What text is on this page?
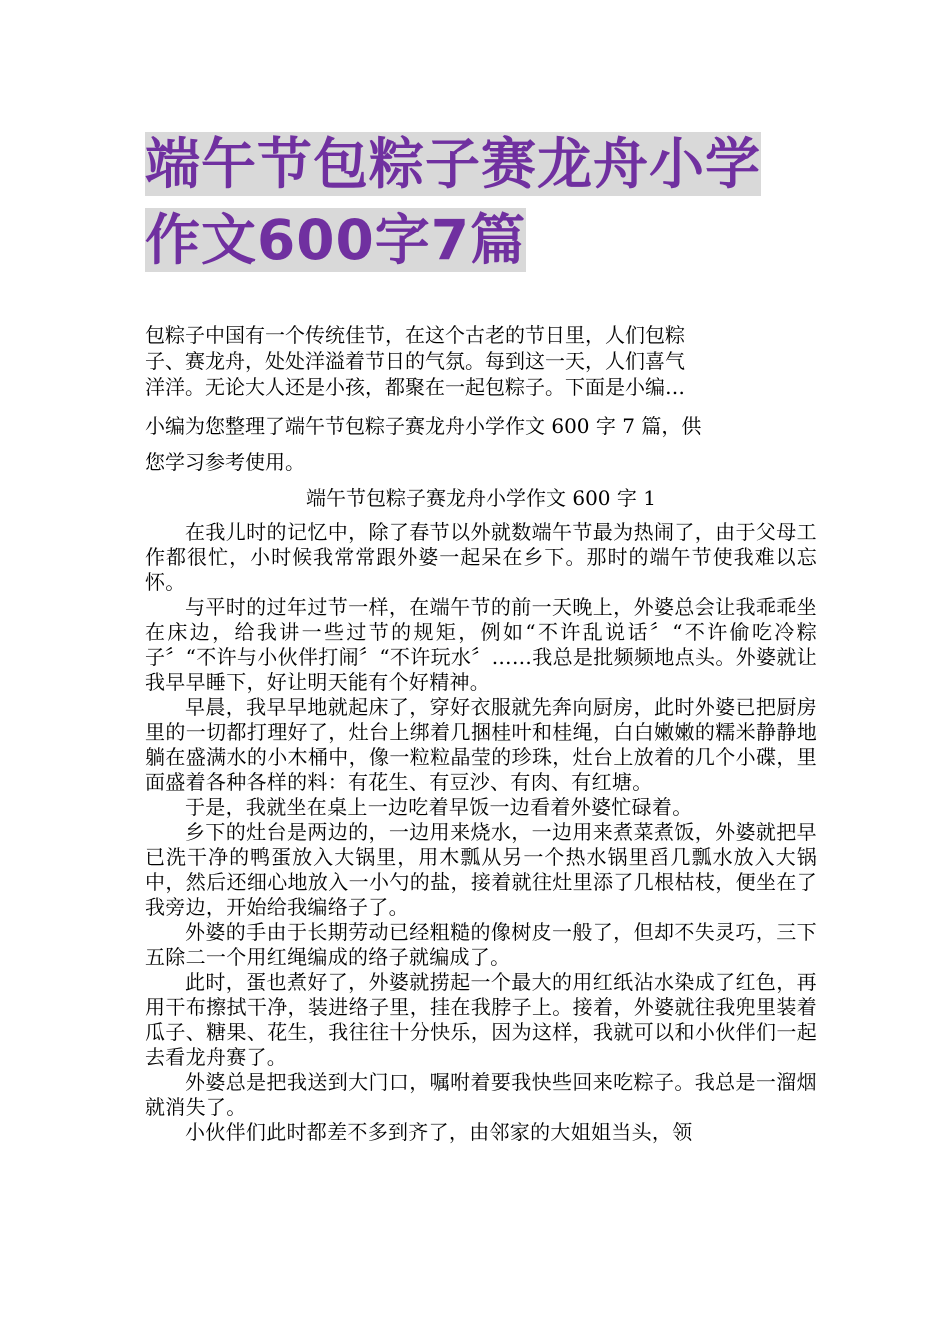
端午节包粽子赛龙舟小学
作文600字7篇

包粽子中国有一个传统佳节，在这个古老的节日里，人们包粽

子、赛龙舟，处处洋溢着节日的气氛。每到这一天，人们喜气

洋洋。无论大人还是小孩，都聚在一起包粽子。下面是小编…

小编为您整理了端午节包粽子赛龙舟小学作文 600 字 7 篇，供

您学习参考使用。

端午节包粽子赛龙舟小学作文 600 字 1

在我儿时的记忆中，除了春节以外就数端午节最为热闹了，由于父母工作都很忙，小时候我常常跟外婆一起呆在乡下。那时的端午节使我难以忘怀。

与平时的过年过节一样，在端午节的前一天晚上，外婆总会让我乖乖坐在床边，给我讲一些过节的规矩，例如“不许乱说话〞“不许偷吃冷粽子〞“不许与小伙伴打闹〞“不许玩水〞……我总是批频频地点头。外婆就让我早早睡下，好让明天能有个好精神。

早晨，我早早地就起床了，穿好衣服就先奔向厨房，此时外婆已把厨房里的一切都打理好了，灶台上绑着几捆桂叶和桂绳，白白嫩嫩的糯米静静地躺在盛满水的小木桶中，像一粒粒晶莹的珍珠，灶台上放着的几个小碟，里面盛着各种各样的料：有花生、有豆沙、有肉、有红塘。

于是，我就坐在桌上一边吃着早饭一边看着外婆忙碌着。

乡下的灶台是两边的，一边用来烧水，一边用来煮菜煮饭，外婆就把早已洗干净的鸭蛋放入大锅里，用木瓢从另一个热水锅里舀几瓢水放入大锅中，然后还细心地放入一小勺的盐，接着就往灶里添了几根枯枝，便坐在了我旁边，开始给我编络子了。

外婆的手由于长期劳动已经粗糙的像树皮一般了，但却不失灵巧，三下五除二一个用红绳编成的络子就编成了。

此时，蛋也煮好了，外婆就捞起一个最大的用红纸沾水染成了红色，再用干布擦拭干净，装进络子里，挂在我脖子上。接着，外婆就往我兜里装着瓜子、糖果、花生，我往往十分快乐，因为这样，我就可以和小伙伴们一起去看龙舟赛了。

外婆总是把我送到大门口，嘱咐着要我快些回来吃粽子。我总是一溜烟就消失了。

小伙伴们此时都差不多到齐了，由邻家的大姐姐当头，领
